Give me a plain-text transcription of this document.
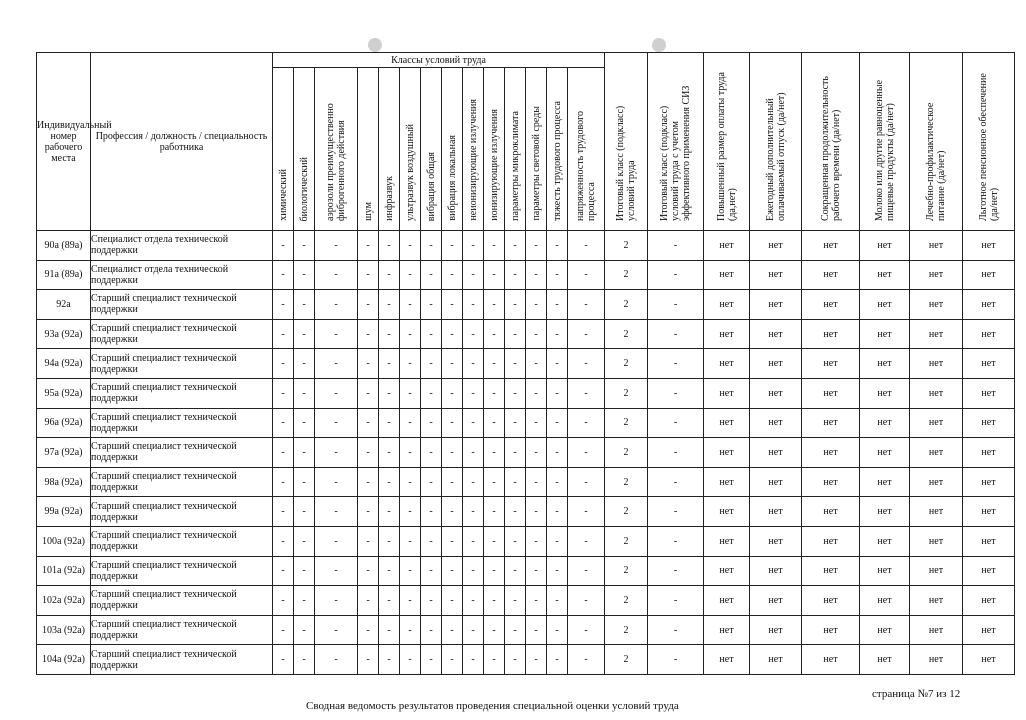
Индивидуальный номер рабочего места	Профессия / должность / специальность работника	Классы условий труда														Итоговый класс (подкласс) условий труда	Итоговый класс (подкласс) условий труда с учетом эффективного применения СИЗ	Повышенный размер оплаты труда (да,нет)	Ежегодный дополнительный оплачиваемый отпуск (да/нет)	Сокращенная продолжительность рабочего времени (да/нет)	Молоко или другие равноценные пищевые продукты (да/нет)	Лечебно-профилактическое питание (да/нет)	Льготное пенсионное обеспечение (да/нет)
		химический	биологический	аэрозоли преимущественно фиброгенного действия	шум	инфразвук	ультразвук воздушный	вибрация общая	вибрация локальная	неионизирующие излучения	ионизирующие излучения	параметры микроклимата	параметры световой среды	тяжесть трудового процесса	напряженность трудового процесса								
90а (89а)	Специалист отдела технической поддержки	-	-	-	-	-	-	-	-	-	-	-	-	-	-	2	-	нет	нет	нет	нет	нет	нет
91а (89а)	Специалист отдела технической поддержки	-	-	-	-	-	-	-	-	-	-	-	-	-	-	2	-	нет	нет	нет	нет	нет	нет
92а	Старший специалист технической поддержки	-	-	-	-	-	-	-	-	-	-	-	-	-	-	2	-	нет	нет	нет	нет	нет	нет
93а (92а)	Старший специалист технической поддержки	-	-	-	-	-	-	-	-	-	-	-	-	-	-	2	-	нет	нет	нет	нет	нет	нет
94а (92а)	Старший специалист технической поддержки	-	-	-	-	-	-	-	-	-	-	-	-	-	-	2	-	нет	нет	нет	нет	нет	нет
95а (92а)	Старший специалист технической поддержки	-	-	-	-	-	-	-	-	-	-	-	-	-	-	2	-	нет	нет	нет	нет	нет	нет
96а (92а)	Старший специалист технической поддержки	-	-	-	-	-	-	-	-	-	-	-	-	-	-	2	-	нет	нет	нет	нет	нет	нет
97а (92а)	Старший специалист технической поддержки	-	-	-	-	-	-	-	-	-	-	-	-	-	-	2	-	нет	нет	нет	нет	нет	нет
98а (92а)	Старший специалист технической поддержки	-	-	-	-	-	-	-	-	-	-	-	-	-	-	2	-	нет	нет	нет	нет	нет	нет
99а (92а)	Старший специалист технической поддержки	-	-	-	-	-	-	-	-	-	-	-	-	-	-	2	-	нет	нет	нет	нет	нет	нет
100а (92а)	Старший специалист технической поддержки	-	-	-	-	-	-	-	-	-	-	-	-	-	-	2	-	нет	нет	нет	нет	нет	нет
101а (92а)	Старший специалист технической поддержки	-	-	-	-	-	-	-	-	-	-	-	-	-	-	2	-	нет	нет	нет	нет	нет	нет
102а (92а)	Старший специалист технической поддержки	-	-	-	-	-	-	-	-	-	-	-	-	-	-	2	-	нет	нет	нет	нет	нет	нет
103а (92а)	Старший специалист технической поддержки	-	-	-	-	-	-	-	-	-	-	-	-	-	-	2	-	нет	нет	нет	нет	нет	нет
104а (92а)	Старший специалист технической поддержки	-	-	-	-	-	-	-	-	-	-	-	-	-	-	2	-	нет	нет	нет	нет	нет	нет
Сводная ведомость результатов проведения специальной оценки условий труда
страница №7 из 12
